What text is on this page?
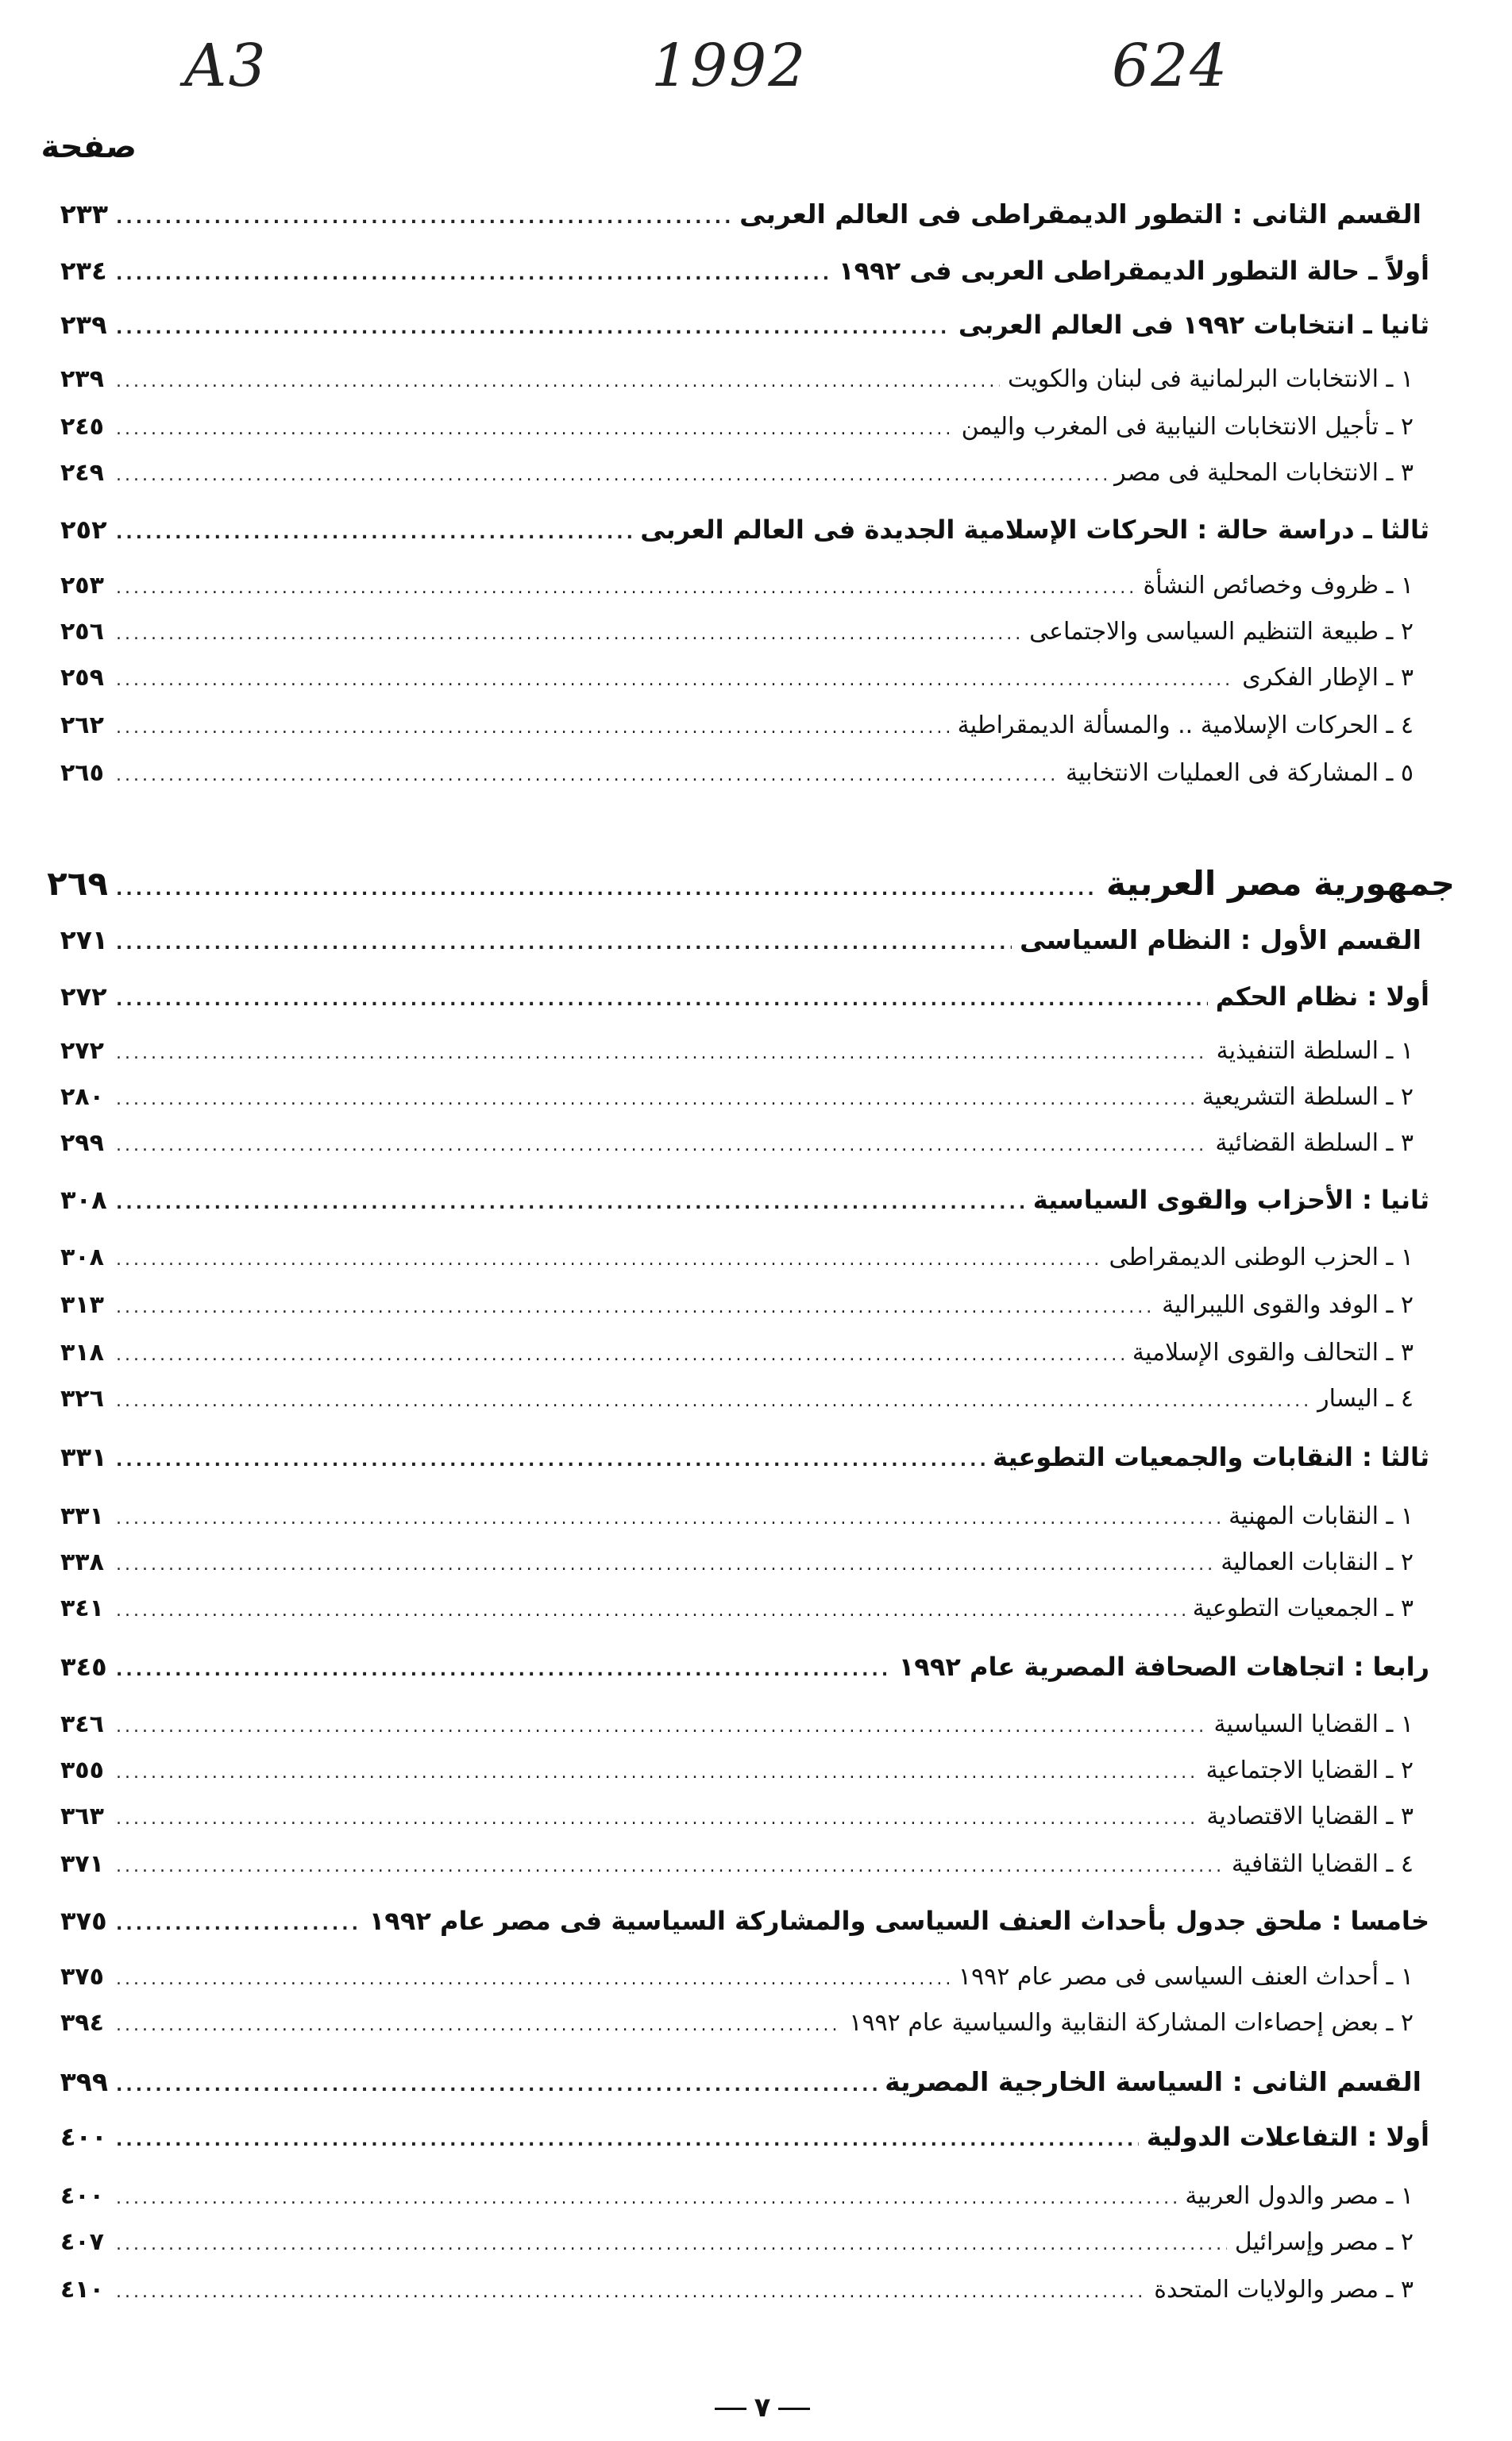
A3	1992	624
صفحة
القسم الثانى : التطور الديمقراطى فى العالم العربى
.....
٢٣٣
أولاً ـ حالة التطور الديمقراطى العربى فى ١٩٩٢
.....
٢٣٤
ثانيا ـ انتخابات ١٩٩٢ فى العالم العربى
.....
٢٣٩
١ ـ الانتخابات البرلمانية فى لبنان والكويت
.....
٢٣٩
٢ ـ تأجيل الانتخابات النيابية فى المغرب واليمن
.....
٢٤٥
٣ ـ الانتخابات المحلية فى مصر
.....
٢٤٩
ثالثا ـ دراسة حالة : الحركات الإسلامية الجديدة فى العالم العربى
.....
٢٥٢
١ ـ ظروف وخصائص النشأة
.....
٢٥٣
٢ ـ طبيعة التنظيم السياسى والاجتماعى
.....
٢٥٦
٣ ـ الإطار الفكرى
.....
٢٥٩
٤ ـ الحركات الإسلامية .. والمسألة الديمقراطية
.....
٢٦٢
٥ ـ المشاركة فى العمليات الانتخابية
.....
٢٦٥
جمهورية مصر العربية
.....
٢٦٩
القسم الأول : النظام السياسى
.....
٢٧١
أولا : نظام الحكم
.....
٢٧٢
١ ـ السلطة التنفيذية
.....
٢٧٢
٢ ـ السلطة التشريعية
.....
٢٨٠
٣ ـ السلطة القضائية
.....
٢٩٩
ثانيا : الأحزاب والقوى السياسية
.....
٣٠٨
١ ـ الحزب الوطنى الديمقراطى
.....
٣٠٨
٢ ـ الوفد والقوى الليبرالية
.....
٣١٣
٣ ـ التحالف والقوى الإسلامية
.....
٣١٨
٤ ـ اليسار
.....
٣٢٦
ثالثا : النقابات والجمعيات التطوعية
.....
٣٣١
١ ـ النقابات المهنية
.....
٣٣١
٢ ـ النقابات العمالية
.....
٣٣٨
٣ ـ الجمعيات التطوعية
.....
٣٤١
رابعا : اتجاهات الصحافة المصرية عام ١٩٩٢
.....
٣٤٥
١ ـ القضايا السياسية
.....
٣٤٦
٢ ـ القضايا الاجتماعية
.....
٣٥٥
٣ ـ القضايا الاقتصادية
.....
٣٦٣
٤ ـ القضايا الثقافية
.....
٣٧١
خامسا : ملحق جدول بأحداث العنف السياسى والمشاركة السياسية فى مصر عام ١٩٩٢
.....
٣٧٥
١ ـ أحداث العنف السياسى فى مصر عام ١٩٩٢
.....
٣٧٥
٢ ـ بعض إحصاءات المشاركة النقابية والسياسية عام ١٩٩٢
.....
٣٩٤
القسم الثانى : السياسة الخارجية المصرية
.....
٣٩٩
أولا : التفاعلات الدولية
.....
٤٠٠
١ ـ مصر والدول العربية
.....
٤٠٠
٢ ـ مصر وإسرائيل
.....
٤٠٧
٣ ـ مصر والولايات المتحدة
.....
٤١٠
٧
